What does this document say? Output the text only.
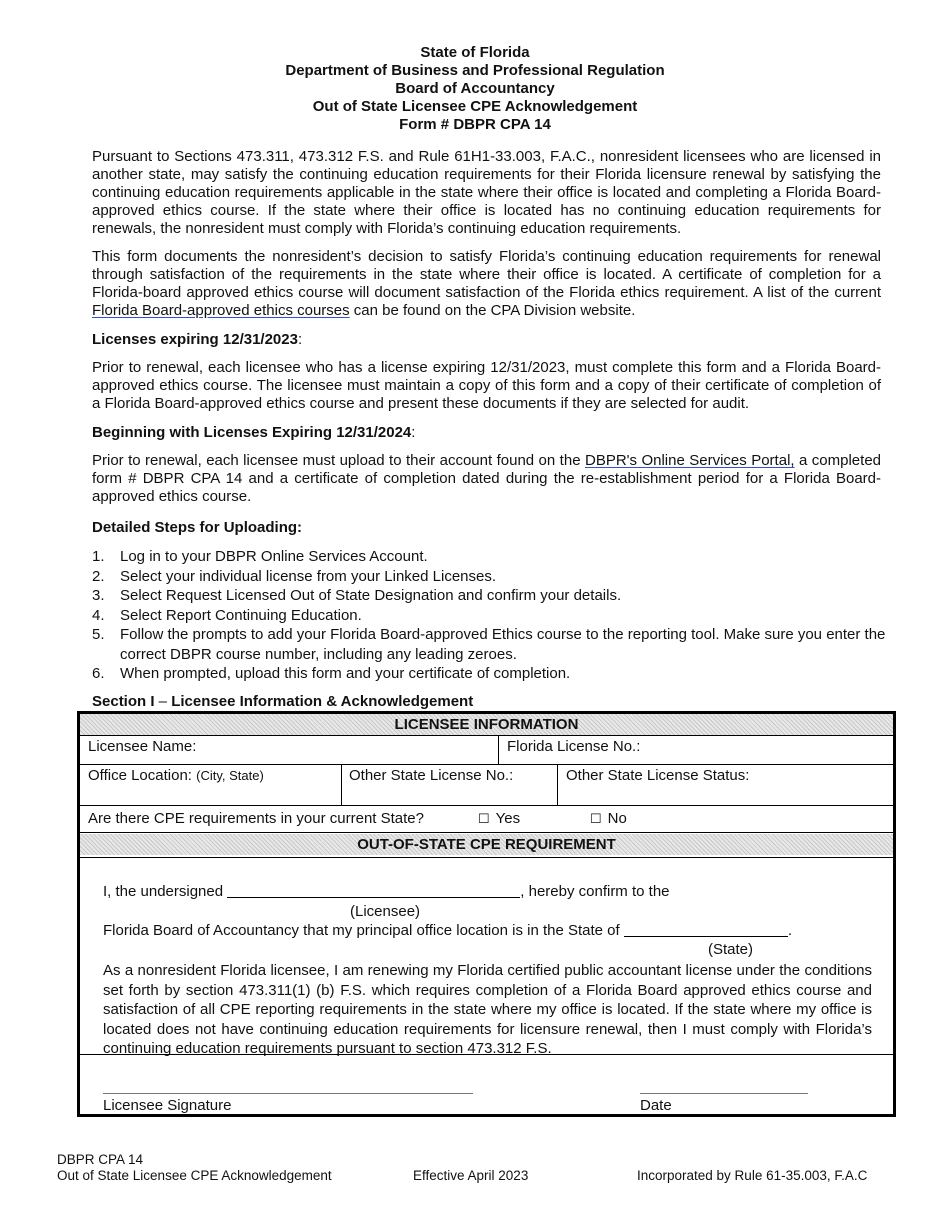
State of Florida
Department of Business and Professional Regulation
Board of Accountancy
Out of State Licensee CPE Acknowledgement
Form # DBPR CPA 14

Pursuant to Sections 473.311, 473.312 F.S. and Rule 61H1-33.003, F.A.C., nonresident licensees who are licensed in another state, may satisfy the continuing education requirements for their Florida licensure renewal by satisfying the continuing education requirements applicable in the state where their office is located and completing a Florida Board-approved ethics course. If the state where their office is located has no continuing education requirements for renewals, the nonresident must comply with Florida’s continuing education requirements.

This form documents the nonresident’s decision to satisfy Florida’s continuing education requirements for renewal through satisfaction of the requirements in the state where their office is located. A certificate of completion for a Florida-board approved ethics course will document satisfaction of the Florida ethics requirement. A list of the current Florida Board-approved ethics courses can be found on the CPA Division website.

Licenses expiring 12/31/2023:

Prior to renewal, each licensee who has a license expiring 12/31/2023, must complete this form and a Florida Board-approved ethics course. The licensee must maintain a copy of this form and a copy of their certificate of completion of a Florida Board-approved ethics course and present these documents if they are selected for audit.

Beginning with Licenses Expiring 12/31/2024:

Prior to renewal, each licensee must upload to their account found on the DBPR's Online Services Portal, a completed form # DBPR CPA 14 and a certificate of completion dated during the re-establishment period for a Florida Board-approved ethics course.

Detailed Steps for Uploading:
1. Log in to your DBPR Online Services Account.
2. Select your individual license from your Linked Licenses.
3. Select Request Licensed Out of State Designation and confirm your details.
4. Select Report Continuing Education.
5. Follow the prompts to add your Florida Board-approved Ethics course to the reporting tool. Make sure you enter the correct DBPR course number, including any leading zeroes.
6. When prompted, upload this form and your certificate of completion.
Section I – Licensee Information & Acknowledgement
LICENSEE INFORMATION
Licensee Name:	Florida License No.:
Office Location: (City, State)	Other State License No.:	Other State License Status:
Are there CPE requirements in your current State?	☐ Yes	☐ No
OUT-OF-STATE CPE REQUIREMENT
I, the undersigned	, hereby confirm to the
(Licensee)
Florida Board of Accountancy that my principal office location is in the State of	.
(State)

As a nonresident Florida licensee, I am renewing my Florida certified public accountant license under the conditions set forth by section 473.311(1) (b) F.S. which requires completion of a Florida Board approved ethics course and satisfaction of all CPE reporting requirements in the state where my office is located. If the state where my office is located does not have continuing education requirements for licensure renewal, then I must comply with Florida’s continuing education requirements pursuant to section 473.312 F.S.

Licensee Signature	Date
DBPR CPA 14
Out of State Licensee CPE Acknowledgement	Effective April 2023	Incorporated by Rule 61-35.003, F.A.C
